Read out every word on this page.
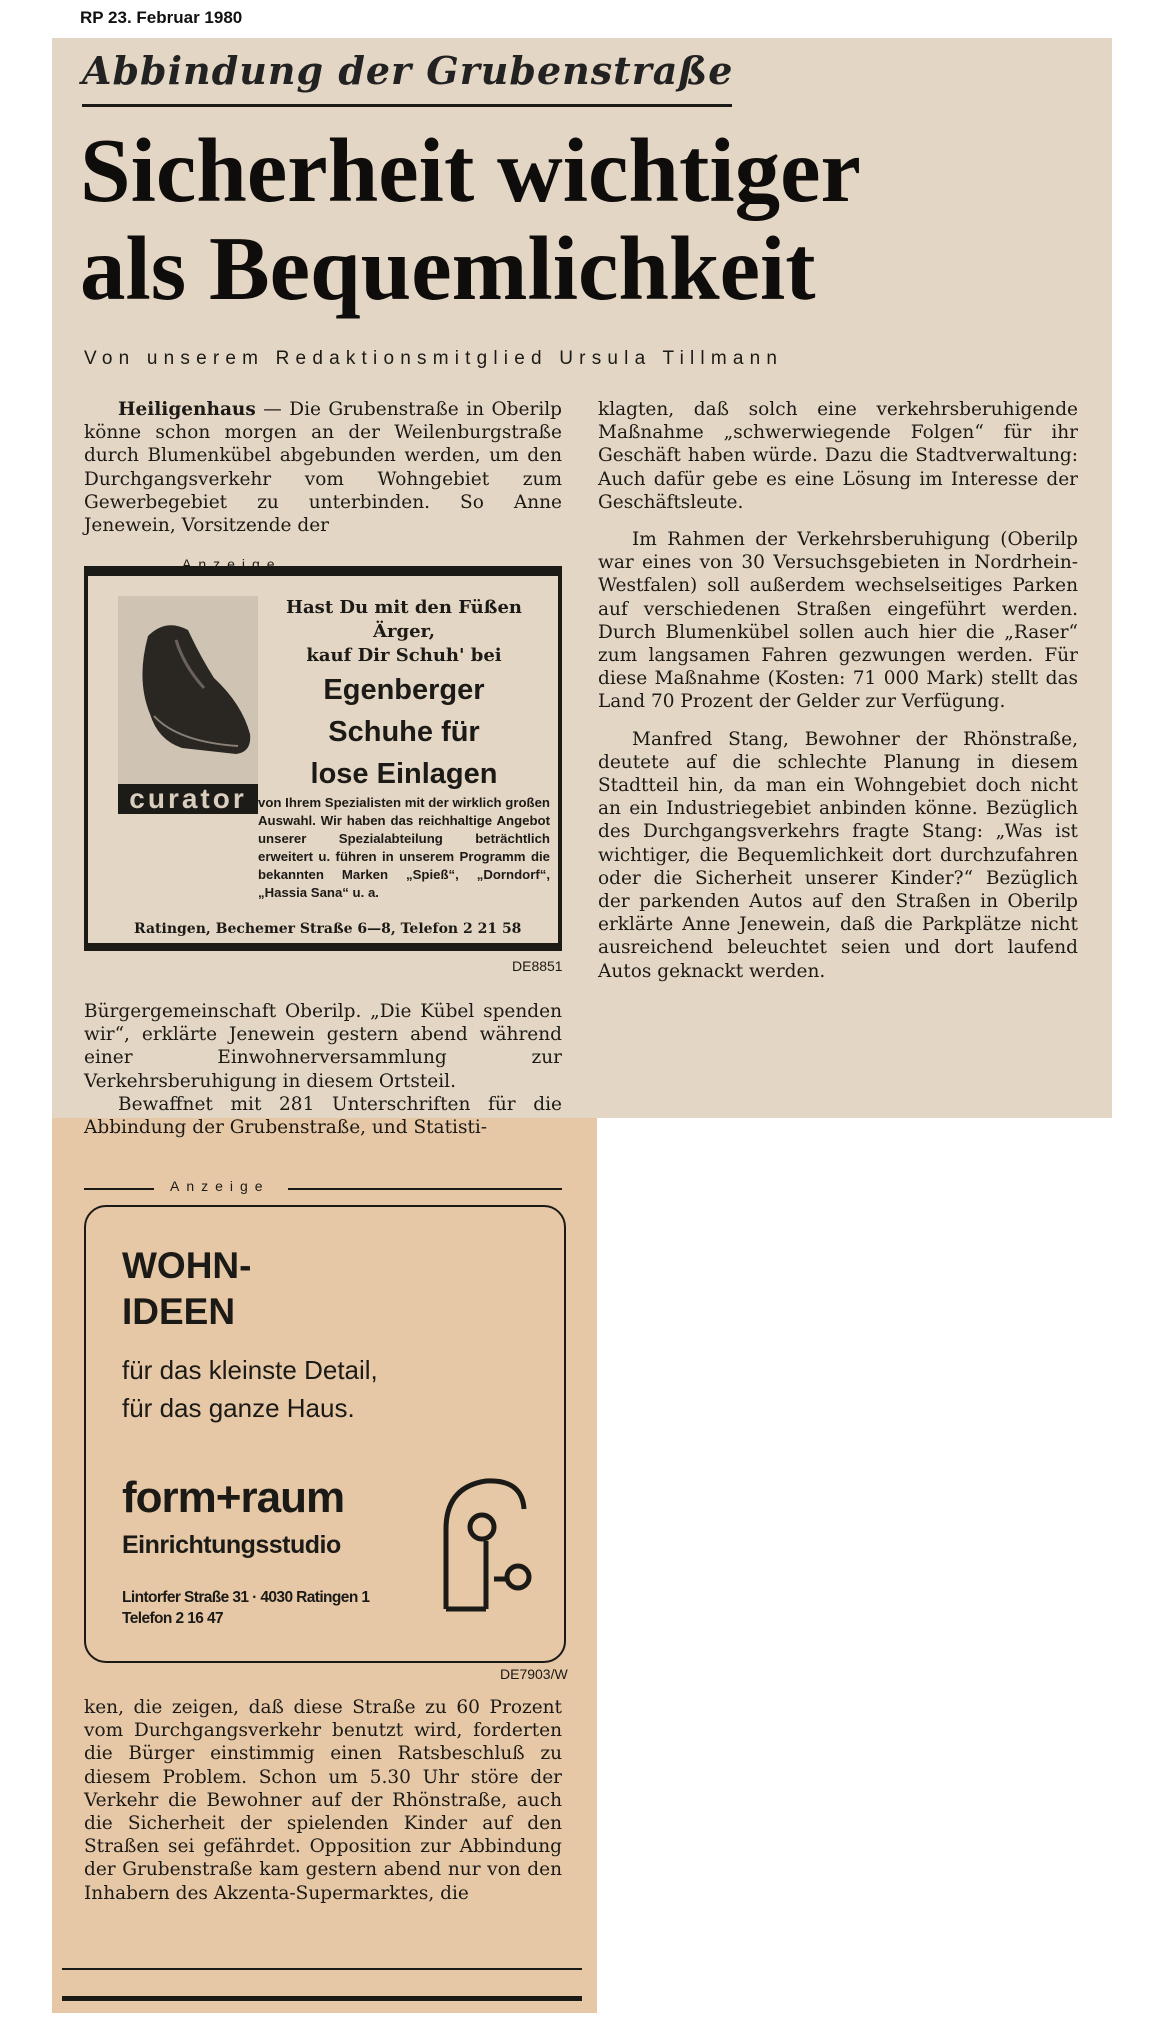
RP 23. Februar 1980
Abbindung der Grubenstraße
Sicherheit wichtiger
als Bequemlichkeit
Von unserem Redaktionsmitglied Ursula Tillmann

Heiligenhaus — Die Grubenstraße in Oberilp könne schon morgen an der Weilenburgstraße durch Blumenkübel abgebunden werden, um den Durchgangsverkehr vom Wohngebiet zum Gewerbegebiet zu unterbinden. So Anne Jenewein, Vorsitzende der

Anzeige
curator
Hast Du mit den Füßen
Ärger,
kauf Dir Schuh' bei
Egenberger
Schuhe für
lose Einlagen
von Ihrem Spezialisten mit der wirklich großen Auswahl. Wir haben das reichhaltige Angebot unserer Spezialabteilung beträchtlich erweitert u. führen in unserem Programm die bekannten Marken „Spieß“, „Dorndorf“, „Hassia Sana“ u. a.
Ratingen, Bechemer Straße 6—8, Telefon 2 21 58
DE8851

Bürgergemeinschaft Oberilp. „Die Kübel spenden wir“, erklärte Jenewein gestern abend während einer Einwohnerversammlung zur Verkehrsberuhigung in diesem Ortsteil.

Bewaffnet mit 281 Unterschriften für die Abbindung der Grubenstraße, und Statisti-

Anzeige
WOHN-
IDEEN
für das kleinste Detail,
für das ganze Haus.
form+raum
Einrichtungsstudio
Lintorfer Straße 31 · 4030 Ratingen 1
Telefon 2 16 47
DE7903/W

ken, die zeigen, daß diese Straße zu 60 Prozent vom Durchgangsverkehr benutzt wird, forderten die Bürger einstimmig einen Ratsbeschluß zu diesem Problem. Schon um 5.30 Uhr störe der Verkehr die Bewohner auf der Rhönstraße, auch die Sicherheit der spielenden Kinder auf den Straßen sei gefährdet. Opposition zur Abbindung der Grubenstraße kam gestern abend nur von den Inhabern des Akzenta-Supermarktes, die

klagten, daß solch eine verkehrsberuhigende Maßnahme „schwerwiegende Folgen“ für ihr Geschäft haben würde. Dazu die Stadtverwaltung: Auch dafür gebe es eine Lösung im Interesse der Geschäftsleute.

Im Rahmen der Verkehrsberuhigung (Oberilp war eines von 30 Versuchsgebieten in Nordrhein-Westfalen) soll außerdem wechselseitiges Parken auf verschiedenen Straßen eingeführt werden. Durch Blumenkübel sollen auch hier die „Raser“ zum langsamen Fahren gezwungen werden. Für diese Maßnahme (Kosten: 71 000 Mark) stellt das Land 70 Prozent der Gelder zur Verfügung.

Manfred Stang, Bewohner der Rhönstraße, deutete auf die schlechte Planung in diesem Stadtteil hin, da man ein Wohngebiet doch nicht an ein Industriegebiet anbinden könne. Bezüglich des Durchgangsverkehrs fragte Stang: „Was ist wichtiger, die Bequemlichkeit dort durchzufahren oder die Sicherheit unserer Kinder?“ Bezüglich der parkenden Autos auf den Straßen in Oberilp erklärte Anne Jenewein, daß die Parkplätze nicht ausreichend beleuchtet seien und dort laufend Autos geknackt werden.
